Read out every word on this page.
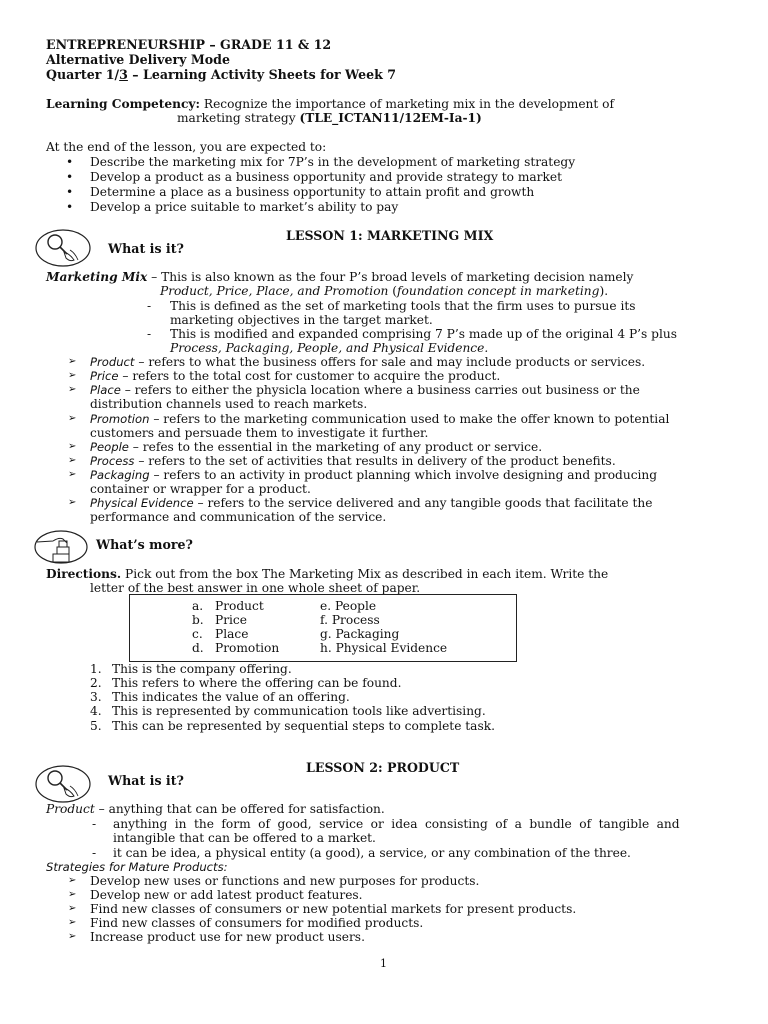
ENTREPRENEURSHIP – GRADE 11 & 12
Alternative Delivery Mode
Quarter 1/3 – Learning Activity Sheets for Week 7
Learning Competency: Recognize the importance of marketing mix in the development of
marketing strategy (TLE_ICTAN11/12EM-Ia-1)
At the end of the lesson, you are expected to:
• Describe the marketing mix for 7P’s in the development of marketing strategy
• Develop a product as a business opportunity and provide strategy to market
• Determine a place as a business opportunity to attain profit and growth
• Develop a price suitable to market’s ability to pay
LESSON 1: MARKETING MIX
What is it?
Marketing Mix – This is also known as the four P’s broad levels of marketing decision namely
Product, Price, Place, and Promotion (foundation concept in marketing).
- This is defined as the set of marketing tools that the firm uses to pursue its
marketing objectives in the target market.
- This is modified and expanded comprising 7 P’s made up of the original 4 P’s plus
Process, Packaging, People, and Physical Evidence.
➢ Product – refers to what the business offers for sale and may include products or services.
➢ Price – refers to the total cost for customer to acquire the product.
➢ Place – refers to either the physicla location where a business carries out business or the
distribution channels used to reach markets.
➢ Promotion – refers to the marketing communication used to make the offer known to potential
customers and persuade them to investigate it further.
➢ People – refes to the essential in the marketing of any product or service.
➢ Process – refers to the set of activities that results in delivery of the product benefits.
➢ Packaging – refers to an activity in product planning which involve designing and producing
container or wrapper for a product.
➢ Physical Evidence – refers to the service delivered and any tangible goods that facilitate the
performance and communication of the service.
What’s more?
Directions. Pick out from the box The Marketing Mix as described in each item. Write the
letter of the best answer in one whole sheet of paper.
a. Product
b. Price
c. Place
d. Promotion
e. People
f. Process
g. Packaging
h. Physical Evidence
1. This is the company offering.
2. This refers to where the offering can be found.
3. This indicates the value of an offering.
4. This is represented by communication tools like advertising.
5. This can be represented by sequential steps to complete task.
LESSON 2: PRODUCT
What is it?
Product – anything that can be offered for satisfaction.
- anything in the form of good, service or idea consisting of a bundle of tangible and
intangible that can be offered to a market.
- it can be idea, a physical entity (a good), a service, or any combination of the three.
Strategies for Mature Products:
➢ Develop new uses or functions and new purposes for products.
➢ Develop new or add latest product features.
➢ Find new classes of consumers or new potential markets for present products.
➢ Find new classes of consumers for modified products.
➢ Increase product use for new product users.
1
